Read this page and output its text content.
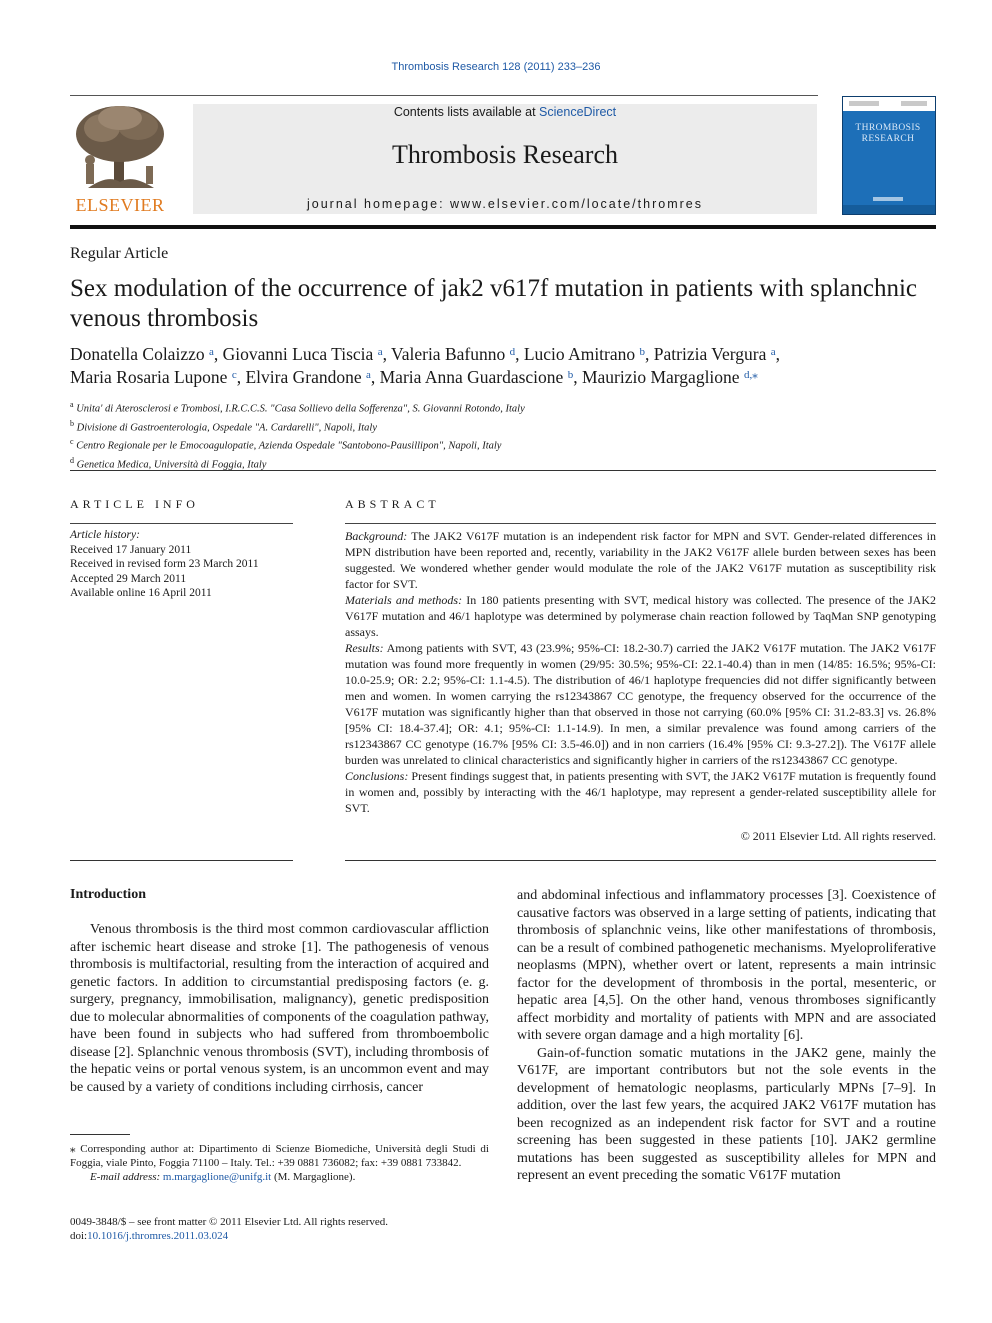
Thrombosis Research 128 (2011) 233–236
ELSEVIER
Contents lists available at ScienceDirect
Thrombosis Research
journal homepage: www.elsevier.com/locate/thromres
THROMBOSIS
RESEARCH
Regular Article
Sex modulation of the occurrence of jak2 v617f mutation in patients with splanchnic venous thrombosis
Donatella Colaizzo $^a$, Giovanni Luca Tiscia $^a$, Valeria Bafunno $^d$, Lucio Amitrano $^b$, Patrizia Vergura $^a$,
Maria Rosaria Lupone $^c$, Elvira Grandone $^a$, Maria Anna Guardascione $^b$, Maurizio Margaglione $^{d,⁎}$
$^a$ Unita' di Aterosclerosi e Trombosi, I.R.C.C.S. "Casa Sollievo della Sofferenza", S. Giovanni Rotondo, Italy
$^b$ Divisione di Gastroenterologia, Ospedale "A. Cardarelli", Napoli, Italy
$^c$ Centro Regionale per le Emocoagulopatie, Azienda Ospedale "Santobono-Pausillipon", Napoli, Italy
$^d$ Genetica Medica, Università di Foggia, Italy
ARTICLE INFO
Article history:
Received 17 January 2011
Received in revised form 23 March 2011
Accepted 29 March 2011
Available online 16 April 2011
ABSTRACT

Background: The JAK2 V617F mutation is an independent risk factor for MPN and SVT. Gender-related differences in MPN distribution have been reported and, recently, variability in the JAK2 V617F allele burden between sexes has been suggested. We wondered whether gender would modulate the role of the JAK2 V617F mutation as susceptibility risk factor for SVT.

Materials and methods: In 180 patients presenting with SVT, medical history was collected. The presence of the JAK2 V617F mutation and 46/1 haplotype was determined by polymerase chain reaction followed by TaqMan SNP genotyping assays.

Results: Among patients with SVT, 43 (23.9%; 95%-CI: 18.2-30.7) carried the JAK2 V617F mutation. The JAK2 V617F mutation was found more frequently in women (29/95: 30.5%; 95%-CI: 22.1-40.4) than in men (14/85: 16.5%; 95%-CI: 10.0-25.9; OR: 2.2; 95%-CI: 1.1-4.5). The distribution of 46/1 haplotype frequencies did not differ significantly between men and women. In women carrying the rs12343867 CC genotype, the frequency observed for the occurrence of the V617F mutation was significantly higher than that observed in those not carrying (60.0% [95% CI: 31.2-83.3] vs. 26.8% [95% CI: 18.4-37.4]; OR: 4.1; 95%-CI: 1.1-14.9). In men, a similar prevalence was found among carriers of the rs12343867 CC genotype (16.7% [95% CI: 3.5-46.0]) and in non carriers (16.4% [95% CI: 9.3-27.2]). The V617F allele burden was unrelated to clinical characteristics and significantly higher in carriers of the rs12343867 CC genotype.

Conclusions: Present findings suggest that, in patients presenting with SVT, the JAK2 V617F mutation is frequently found in women and, possibly by interacting with the 46/1 haplotype, may represent a gender-related susceptibility allele for SVT.

© 2011 Elsevier Ltd. All rights reserved.
Introduction

Venous thrombosis is the third most common cardiovascular affliction after ischemic heart disease and stroke [1]. The pathogenesis of venous thrombosis is multifactorial, resulting from the interaction of acquired and genetic factors. In addition to circumstantial predisposing factors (e. g. surgery, pregnancy, immobilisation, malignancy), genetic predisposition due to molecular abnormalities of components of the coagulation pathway, have been found in subjects who had suffered from thromboembolic disease [2]. Splanchnic venous thrombosis (SVT), including thrombosis of the hepatic veins or portal venous system, is an uncommon event and may be caused by a variety of conditions including cirrhosis, cancer

and abdominal infectious and inflammatory processes [3]. Coexistence of causative factors was observed in a large setting of patients, indicating that thrombosis of splanchnic veins, like other manifestations of thrombosis, can be a result of combined pathogenetic mechanisms. Myeloproliferative neoplasms (MPN), whether overt or latent, represents a main intrinsic factor for the development of thrombosis in the portal, mesenteric, or hepatic area [4,5]. On the other hand, venous thromboses significantly affect morbidity and mortality of patients with MPN and are associated with severe organ damage and a high mortality [6].

Gain-of-function somatic mutations in the JAK2 gene, mainly the V617F, are important contributors but not the sole events in the development of hematologic neoplasms, particularly MPNs [7–9]. In addition, over the last few years, the acquired JAK2 V617F mutation has been recognized as an independent risk factor for SVT and a routine screening has been suggested in these patients [10]. JAK2 germline mutations has been suggested as susceptibility alleles for MPN and represent an event preceding the somatic V617F mutation

⁎ Corresponding author at: Dipartimento di Scienze Biomediche, Università degli Studi di Foggia, viale Pinto, Foggia 71100 – Italy. Tel.: +39 0881 736082; fax: +39 0881 733842.

E-mail address: m.margaglione@unifg.it (M. Margaglione).

0049-3848/$ – see front matter © 2011 Elsevier Ltd. All rights reserved.
doi:10.1016/j.thromres.2011.03.024
